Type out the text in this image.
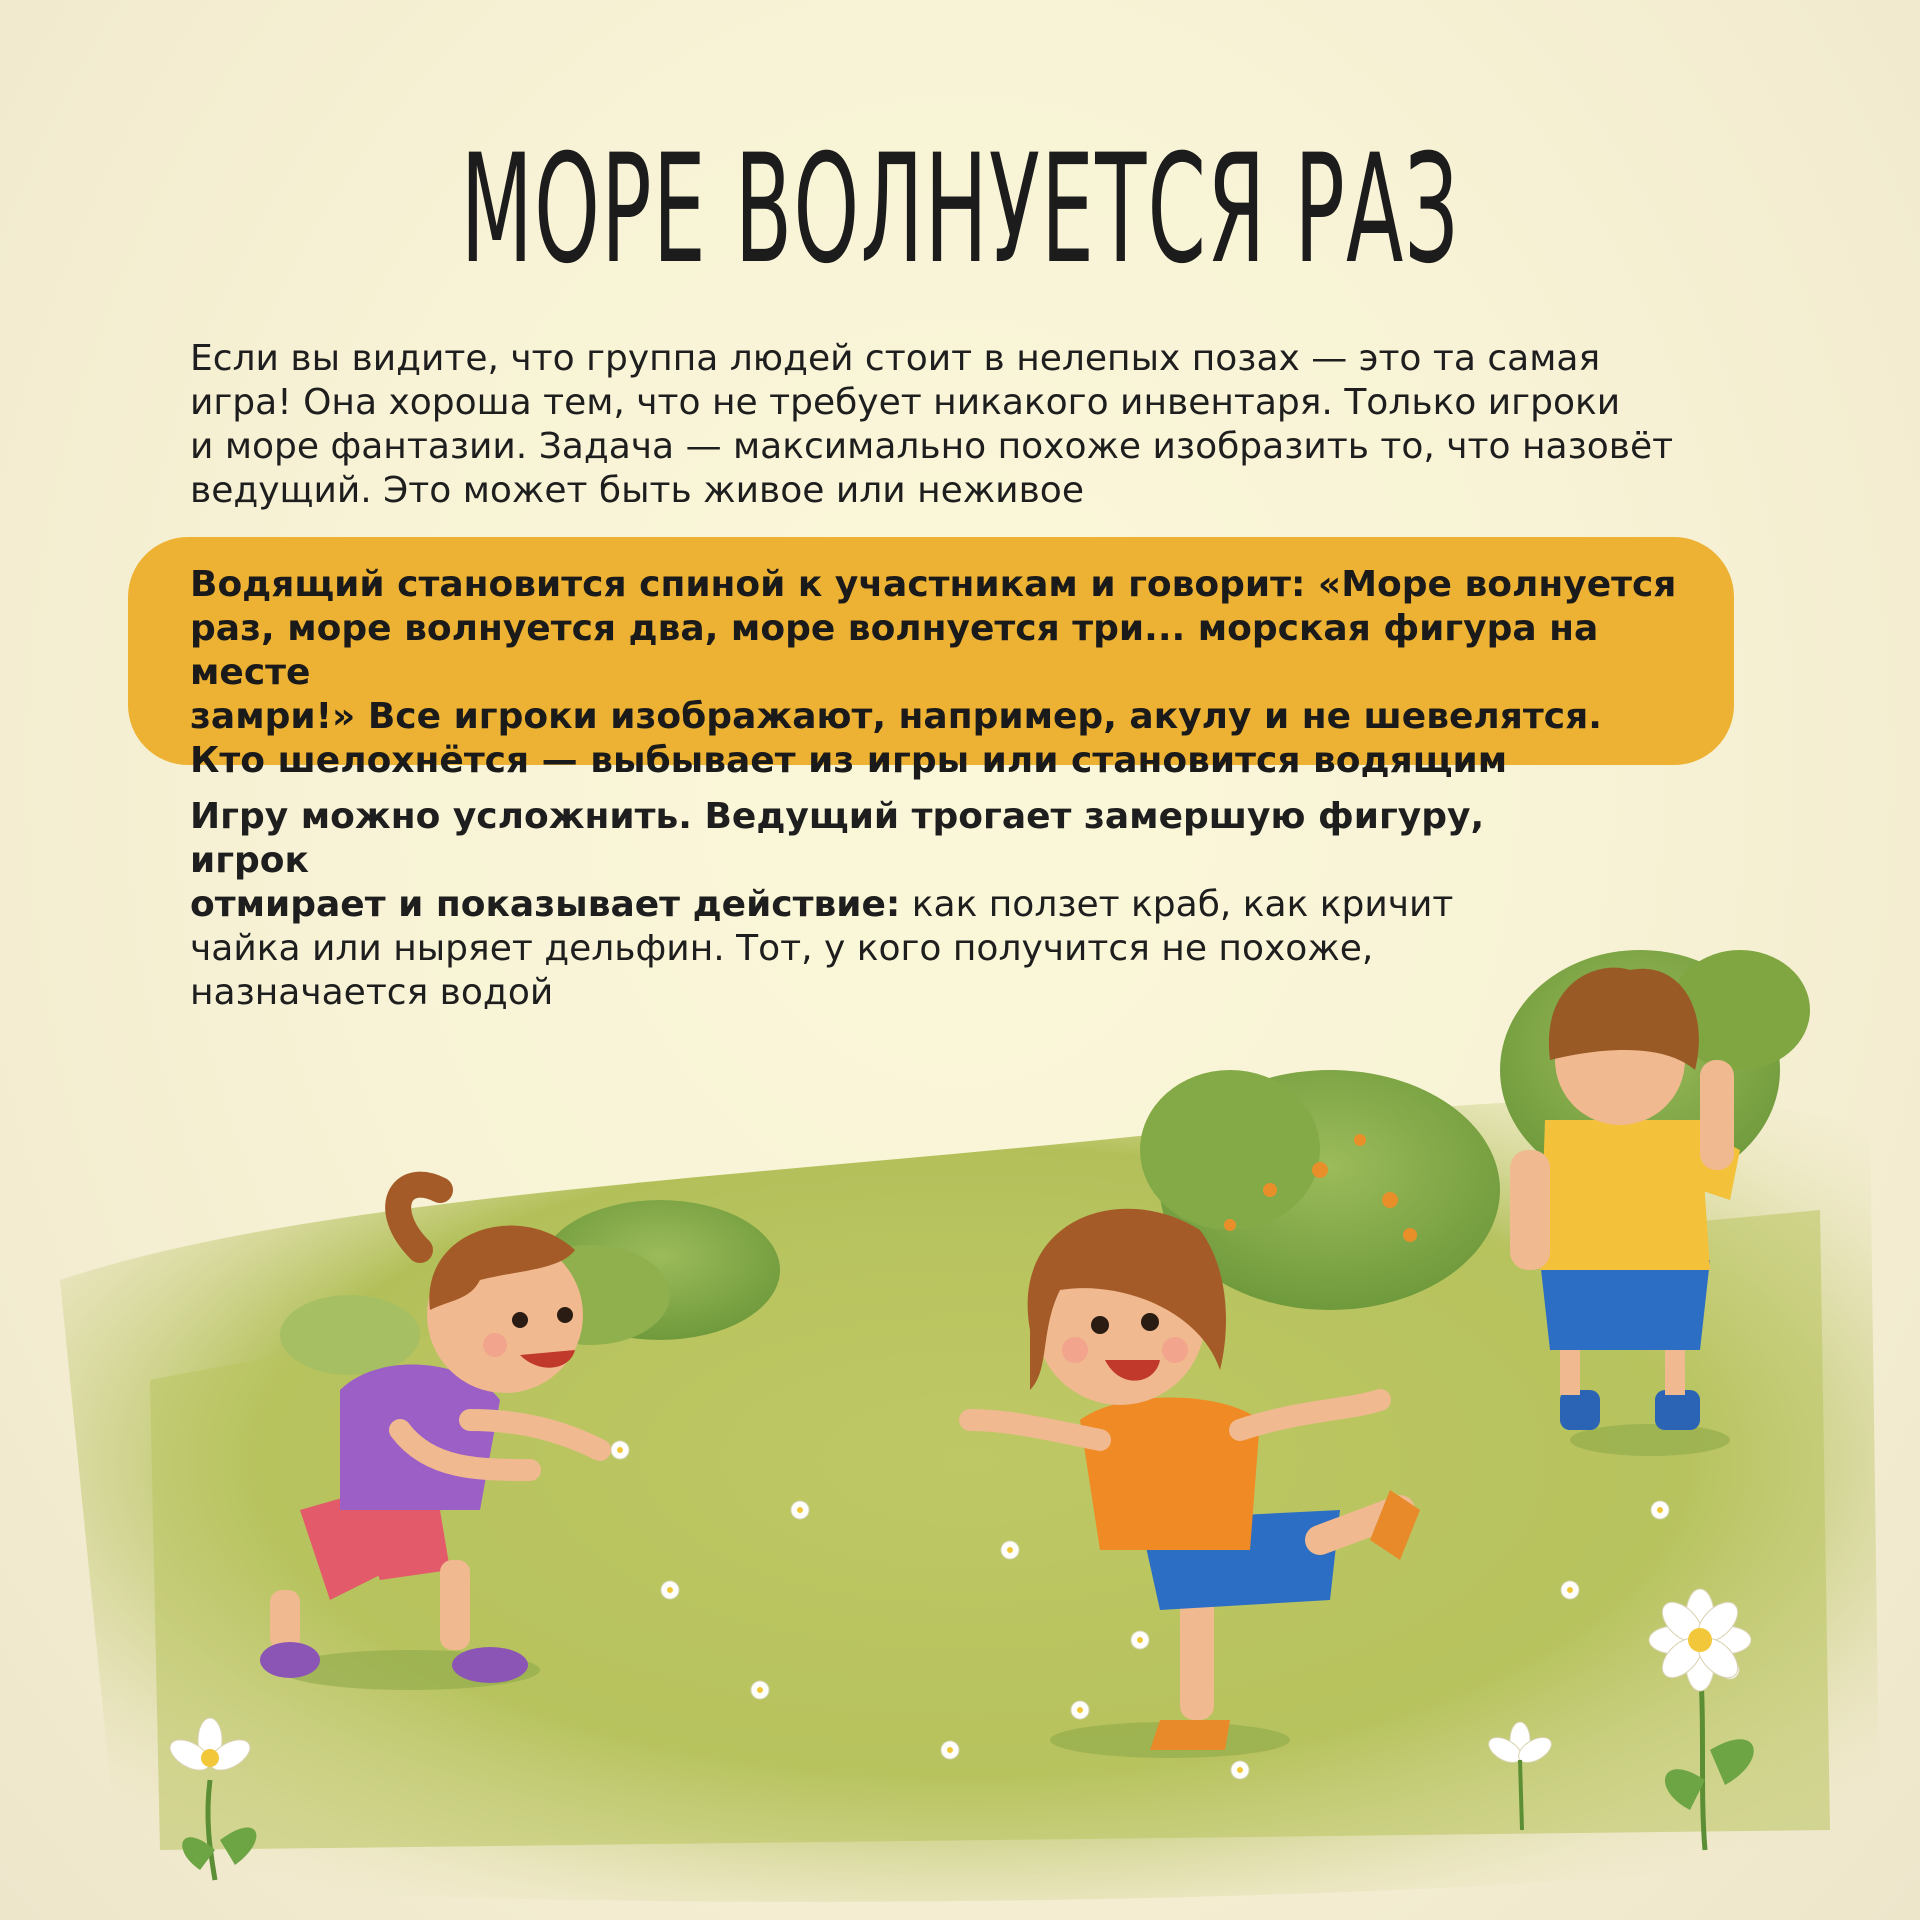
МОРЕ ВОЛНУЕТСЯ РАЗ

Если вы видите, что группа людей стоит в нелепых позах — это та самая
игра! Она хороша тем, что не требует никакого инвентаря. Только игроки
и море фантазии. Задача — максимально похоже изобразить то, что назовёт
ведущий. Это может быть живое или неживое

Водящий становится спиной к участникам и говорит: «Море волнуется
раз, море волнуется два, море волнуется три... морская фигура на месте
замри!» Все игроки изображают, например, акулу и не шевелятся.
Кто шелохнётся — выбывает из игры или становится водящим

Игру можно усложнить. Ведущий трогает замершую фигуру, игрок
отмирает и показывает действие: как ползет краб, как кричит
чайка или ныряет дельфин. Тот, у кого получится не похоже,
назначается водой
